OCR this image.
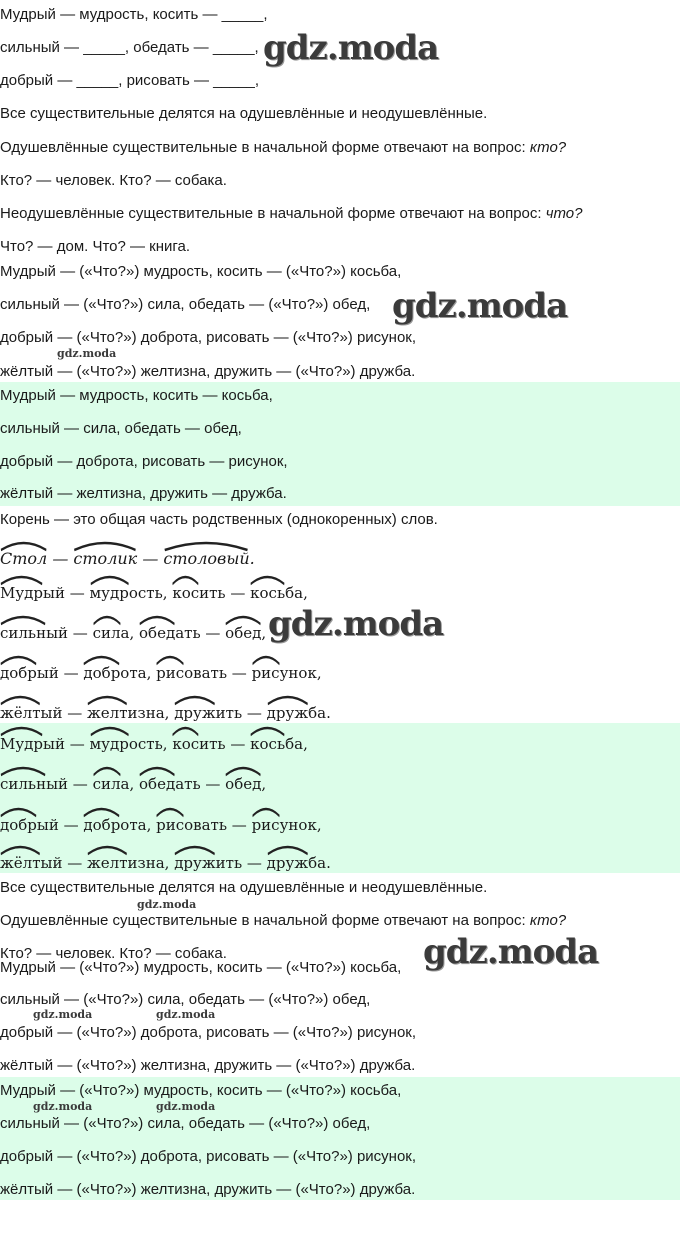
Мудрый — мудрость, косить — _____,
сильный — _____, обедать — _____,
добрый — _____, рисовать — _____,
gdz.moda
Все существительные делятся на одушевлённые и неодушевлённые.
Одушевлённые существительные в начальной форме отвечают на вопрос: кто?
Кто? — человек. Кто? — собака.
Неодушевлённые существительные в начальной форме отвечают на вопрос: что?
Что? — дом. Что? — книга.
Мудрый — («Что?») мудрость, косить — («Что?») косьба,
сильный — («Что?») сила, обедать — («Что?») обед,
добрый — («Что?») доброта, рисовать — («Что?») рисунок,
жёлтый — («Что?») желтизна, дружить — («Что?») дружба.
gdz.moda
gdz.moda
Мудрый — мудрость, косить — косьба,
сильный — сила, обедать — обед,
добрый — доброта, рисовать — рисунок,
жёлтый — желтизна, дружить — дружба.
Корень — это общая часть родственных (однокоренных) слов.
Стол — столик — столовый.
Мудрый —
мудрость, косить —
косьба,
сильный —
сила, обедать —
обед,
добрый —
доброта, рисовать —
рисунок,
жёлтый —
желтизна, дружить —
дружба.
gdz.moda
Мудрый —
мудрость, косить —
косьба,
сильный —
сила, обедать —
обед,
добрый —
доброта, рисовать —
рисунок,
жёлтый —
желтизна, дружить —
дружба.
Все существительные делятся на одушевлённые и неодушевлённые.
Одушевлённые существительные в начальной форме отвечают на вопрос: кто?
Кто? — человек. Кто? — собака.
gdz.moda
Мудрый — («Что?») мудрость, косить — («Что?») косьба,
сильный — («Что?») сила, обедать — («Что?») обед,
добрый — («Что?») доброта, рисовать — («Что?») рисунок,
жёлтый — («Что?») желтизна, дружить — («Что?») дружба.
gdz.moda
gdz.moda	gdz.moda
Мудрый — («Что?») мудрость, косить — («Что?») косьба,
сильный — («Что?») сила, обедать — («Что?») обед,
добрый — («Что?») доброта, рисовать — («Что?») рисунок,
жёлтый — («Что?») желтизна, дружить — («Что?») дружба.
gdz.moda	gdz.moda
